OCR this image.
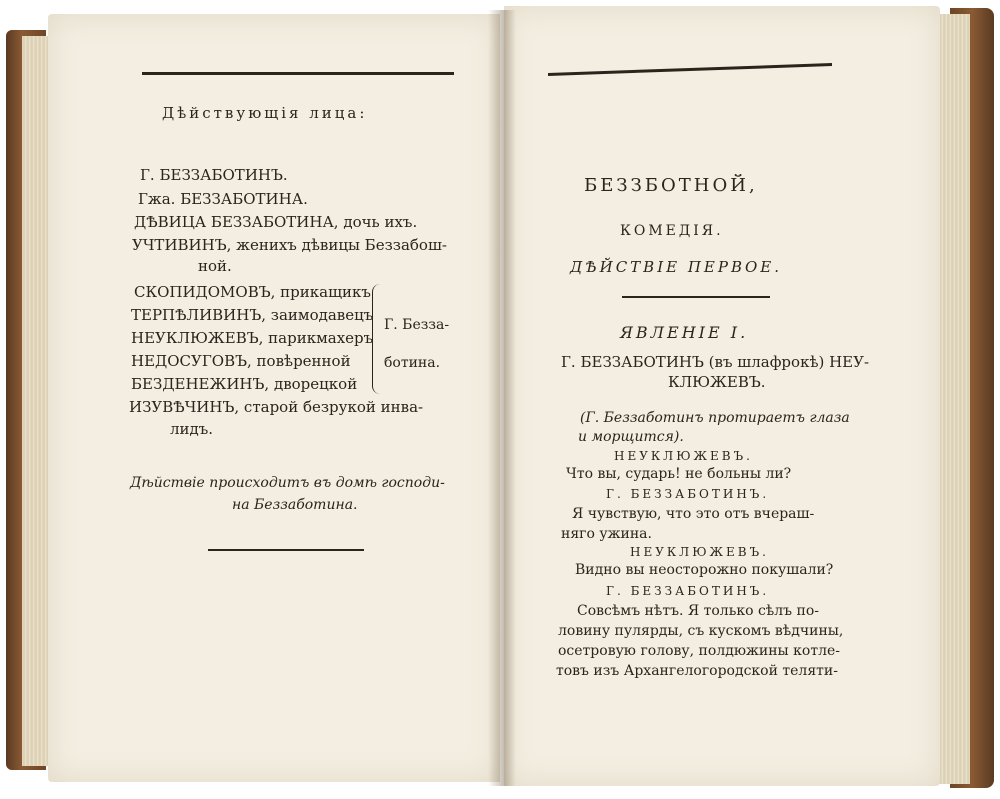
Дѣйствующія лица:
Г. БЕЗЗАБОТИНЪ.
Гжа. БЕЗЗАБОТИНА.
ДѢВИЦА БЕЗЗАБОТИНА, дочь ихъ.
УЧТИВИНЪ, женихъ дѣвицы Беззабош-
ной.
СКОПИДОМОВЪ, прикащикъ
ТЕРПѢЛИВИНЪ, заимодавецъ
НЕУКЛЮЖЕВЪ, парикмахеръ
НЕДОСУГОВЪ, повѣренной
БЕЗДЕНЕЖИНЪ, дворецкой
ИЗУВѢЧИНЪ, старой безрукой инва-
лидъ.
Г. Безза-
ботина.
Дѣйствіе происходитъ въ домѣ господи-
на Беззаботина.
БЕЗЗБОТНОЙ,
КОМЕДІЯ.
ДѢЙСТВІЕ ПЕРВОЕ.
ЯВЛЕНІЕ I.
Г. БЕЗЗАБОТИНЪ (въ шлафрокѣ) НЕУ-
КЛЮЖЕВЪ.
(Г. Беззаботинъ протираетъ глаза
и морщится).
НЕУКЛЮЖЕВЪ.
Что вы, сударь! не больны ли?
Г. БЕЗЗАБОТИНЪ.
Я чувствую, что это отъ вчераш-
няго ужина.
НЕУКЛЮЖЕВЪ.
Видно вы неосторожно покушали?
Г. БЕЗЗАБОТИНЪ.
Совсѣмъ нѣтъ. Я только сѣлъ по-
ловину пулярды, съ кускомъ вѣдчины,
осетровую голову, полдюжины котле-
товъ изъ Архангелогородской теляти-
